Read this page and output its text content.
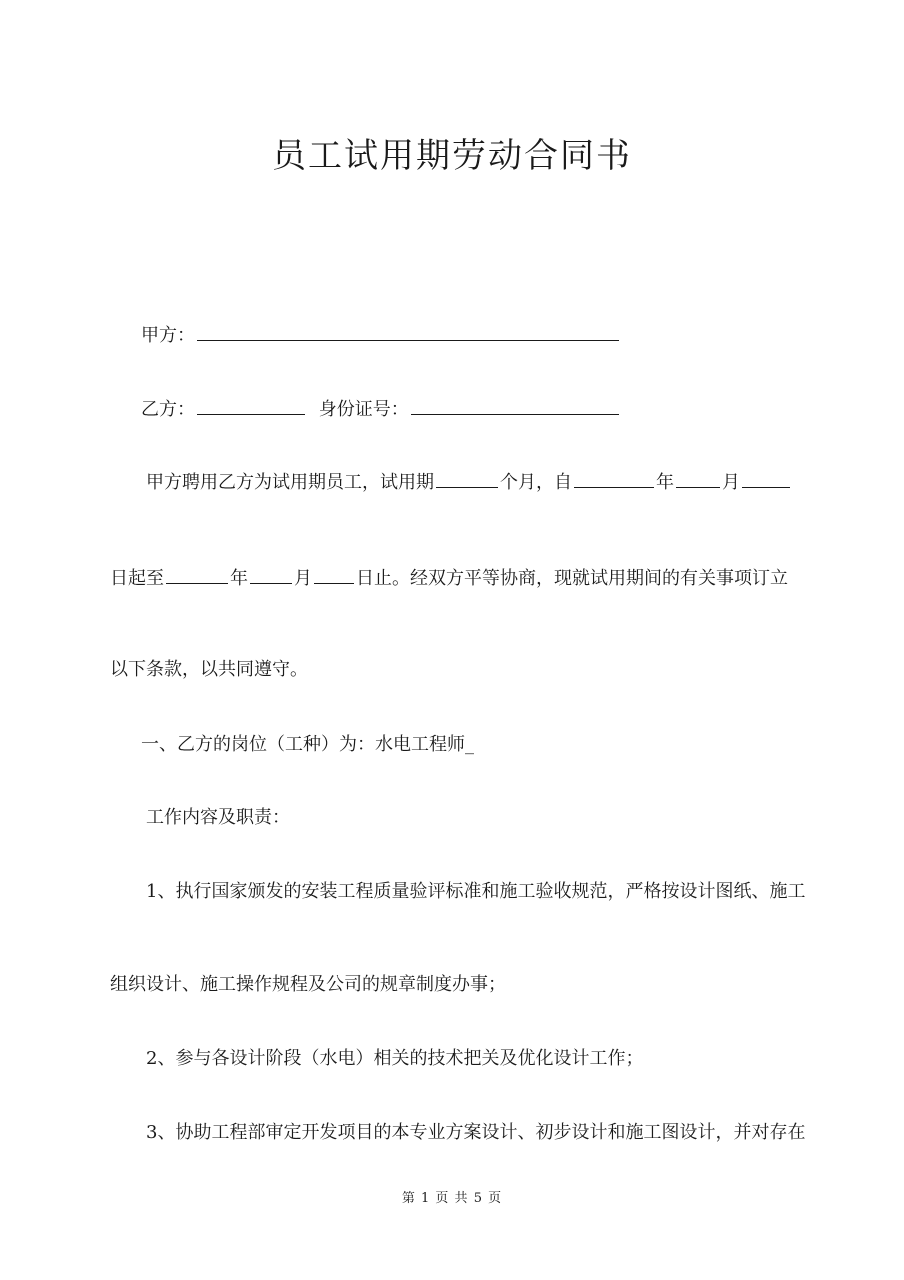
员工试用期劳动合同书
甲方：
乙方：	身份证号：
甲方聘用乙方为试用期员工，试用期	个月，自	年	月
日起至	年	月 日止。经双方平等协商，现就试用期间的有关事项订立
以下条款，以共同遵守。
一、乙方的岗位（工种）为：水电工程师_
工作内容及职责：
1、执行国家颁发的安装工程质量验评标准和施工验收规范，严格按设计图纸、施工
组织设计、施工操作规程及公司的规章制度办事；
2、参与各设计阶段（水电）相关的技术把关及优化设计工作；
3、协助工程部审定开发项目的本专业方案设计、初步设计和施工图设计，并对存在
第 1 页 共 5 页
